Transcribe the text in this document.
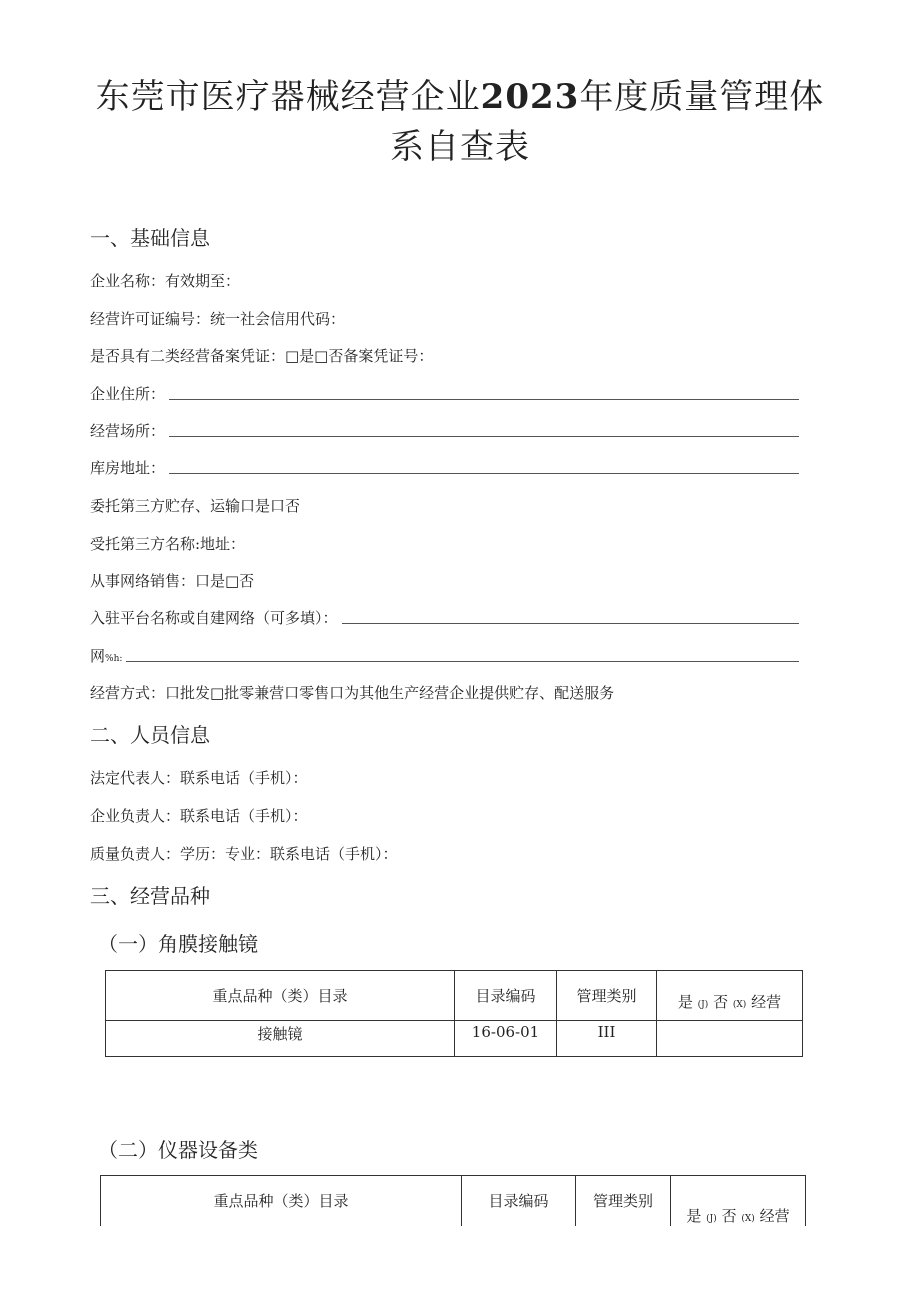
东莞市医疗器械经营企业2023年度质量管理体
系自查表
一、基础信息
企业名称：有效期至：
经营许可证编号：统一社会信用代码：
是否具有二类经营备案凭证：□是□否备案凭证号：
企业住所：
经营场所：
库房地址：
委托第三方贮存、运输口是口否
受托第三方名称:地址：
从事网络销售：口是□否
入驻平台名称或自建网络（可多填）：
网%h:
经营方式：口批发□批零兼营口零售口为其他生产经营企业提供贮存、配送服务
二、人员信息
法定代表人：联系电话（手机）：
企业负责人：联系电话（手机）：
质量负责人：学历：专业：联系电话（手机）：
三、经营品种
（一）角膜接触镜
重点品种（类）目录	目录编码	管理类别	是 (J) 否 (X) 经营
接触镜	16-06-01	III	
（二）仪器设备类
重点品种（类）目录	目录编码	管理类别	是 (J) 否 (X) 经营
